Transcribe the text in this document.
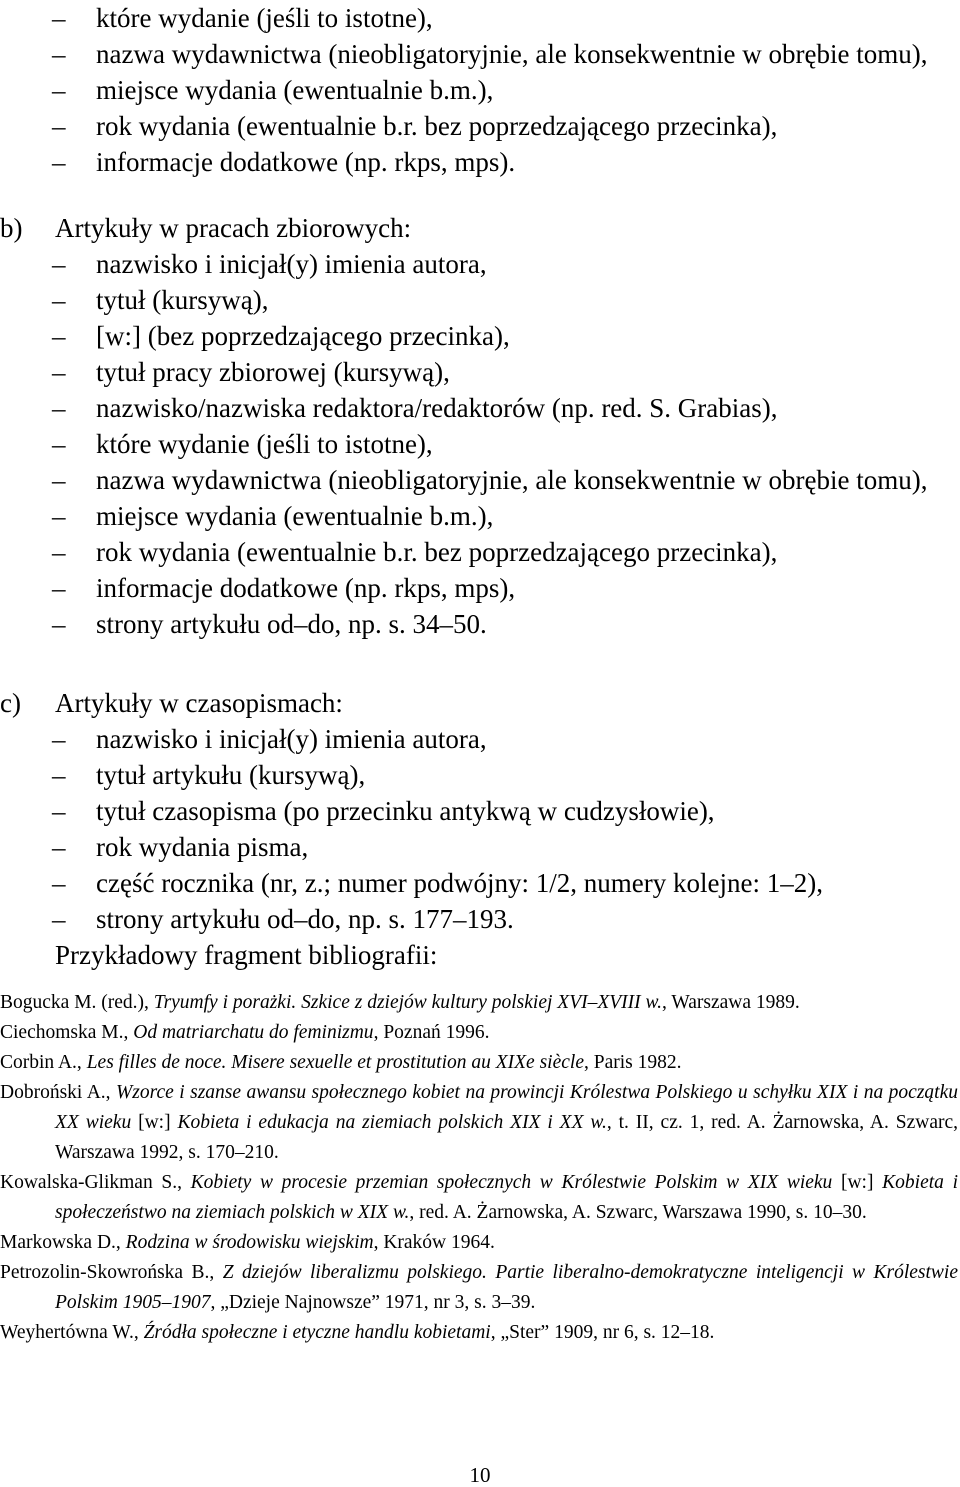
–	które wydanie (jeśli to istotne),
–	nazwa wydawnictwa (nieobligatoryjnie, ale konsekwentnie w obrębie tomu),
–	miejsce wydania (ewentualnie b.m.),
–	rok wydania (ewentualnie b.r. bez poprzedzającego przecinka),
–	informacje dodatkowe (np. rkps, mps).
b) Artykuły w pracach zbiorowych:
–	nazwisko i inicjał(y) imienia autora,
–	tytuł (kursywą),
–	[w:] (bez poprzedzającego przecinka),
–	tytuł pracy zbiorowej (kursywą),
–	nazwisko/nazwiska redaktora/redaktorów (np. red. S. Grabias),
–	które wydanie (jeśli to istotne),
–	nazwa wydawnictwa (nieobligatoryjnie, ale konsekwentnie w obrębie tomu),
–	miejsce wydania (ewentualnie b.m.),
–	rok wydania (ewentualnie b.r. bez poprzedzającego przecinka),
–	informacje dodatkowe (np. rkps, mps),
–	strony artykułu od–do, np. s. 34–50.
c) Artykuły w czasopismach:
–	nazwisko i inicjał(y) imienia autora,
–	tytuł artykułu (kursywą),
–	tytuł czasopisma (po przecinku antykwą w cudzysłowie),
–	rok wydania pisma,
–	część rocznika (nr, z.; numer podwójny: 1/2, numery kolejne: 1–2),
–	strony artykułu od–do, np. s. 177–193.
Przykładowy fragment bibliografii:
Bogucka M. (red.), Tryumfy i porażki. Szkice z dziejów kultury polskiej XVI–XVIII w., Warszawa 1989.
Ciechomska M., Od matriarchatu do feminizmu, Poznań 1996.
Corbin A., Les filles de noce. Misere sexuelle et prostitution au XIXe siècle, Paris 1982.
Dobroński A., Wzorce i szanse awansu społecznego kobiet na prowincji Królestwa Polskiego u schyłku XIX i na początku XX wieku [w:] Kobieta i edukacja na ziemiach polskich XIX i XX w., t. II, cz. 1, red. A. Żarnowska, A. Szwarc, Warszawa 1992, s. 170–210.
Kowalska-Glikman S., Kobiety w procesie przemian społecznych w Królestwie Polskim w XIX wieku [w:] Kobieta i społeczeństwo na ziemiach polskich w XIX w., red. A. Żarnowska, A. Szwarc, Warszawa 1990, s. 10–30.
Markowska D., Rodzina w środowisku wiejskim, Kraków 1964.
Petrozolin-Skowrońska B., Z dziejów liberalizmu polskiego. Partie liberalno-demokratyczne inteligencji w Królestwie Polskim 1905–1907, „Dzieje Najnowsze” 1971, nr 3, s. 3–39.
Weyhertówna W., Źródła społeczne i etyczne handlu kobietami, „Ster” 1909, nr 6, s. 12–18.
10
